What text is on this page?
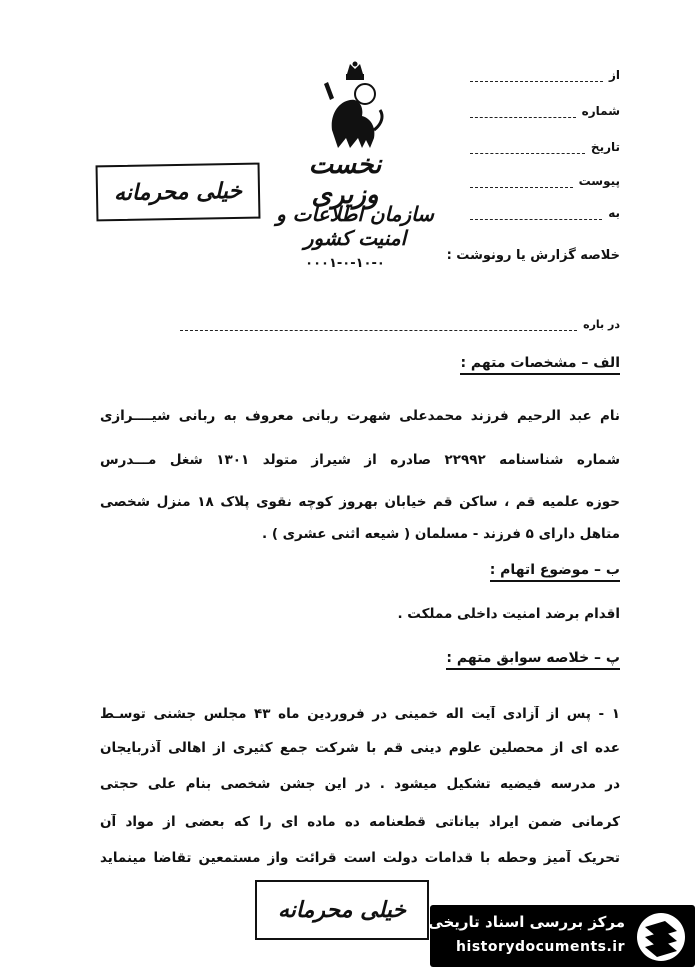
نخست وزیری
سازمان اطلاعات و امنیت کشور
۰۰۰۱-۰-۱۰-۰
خیلی محرمانه
از
شماره
تاریخ
پیوست
به
خلاصه گزارش یا رونوشت :
در باره
الف – مشخصات متهم :
نام عبد الرحیم فرزند محمدعلی شهرت ربانی معروف به ربانی شیــــرازی
شماره شناسنامه ۲۲۹۹۲ صادره از شیراز متولد ۱۳۰۱ شغل مـــدرس
حوزه علمیه قم ، ساکن قم خیابان بهروز کوچه نقوی پلاک ۱۸ منزل شخصی
متاهل دارای ۵ فرزند - مسلمان ( شیعه اثنی عشری ) .
ب – موضوع اتهام :
اقدام برضد امنیت داخلی مملکت .
پ – خلاصه سوابق متهم :
۱ - پس از آزادی آیت اله خمینی در فروردین ماه ۴۳ مجلس جشنی توسـط
عده ای از محصلین علوم دینی قم با شرکت جمع کثیری از اهالی آذربایجان
در مدرسه فیضیه تشکیل میشود . در این جشن شخصی بنام علی حجتی
کرمانی ضمن ایراد بیاناتی قطعنامه ده ماده ای را که بعضی از مواد آن
تحریک آمیز وحطه با قدامات دولت است قرائت واز مستمعین تقاضا مینماید
خیلی محرمانه	مرکز بررسی اسناد تاریخی
historydocuments.ir
